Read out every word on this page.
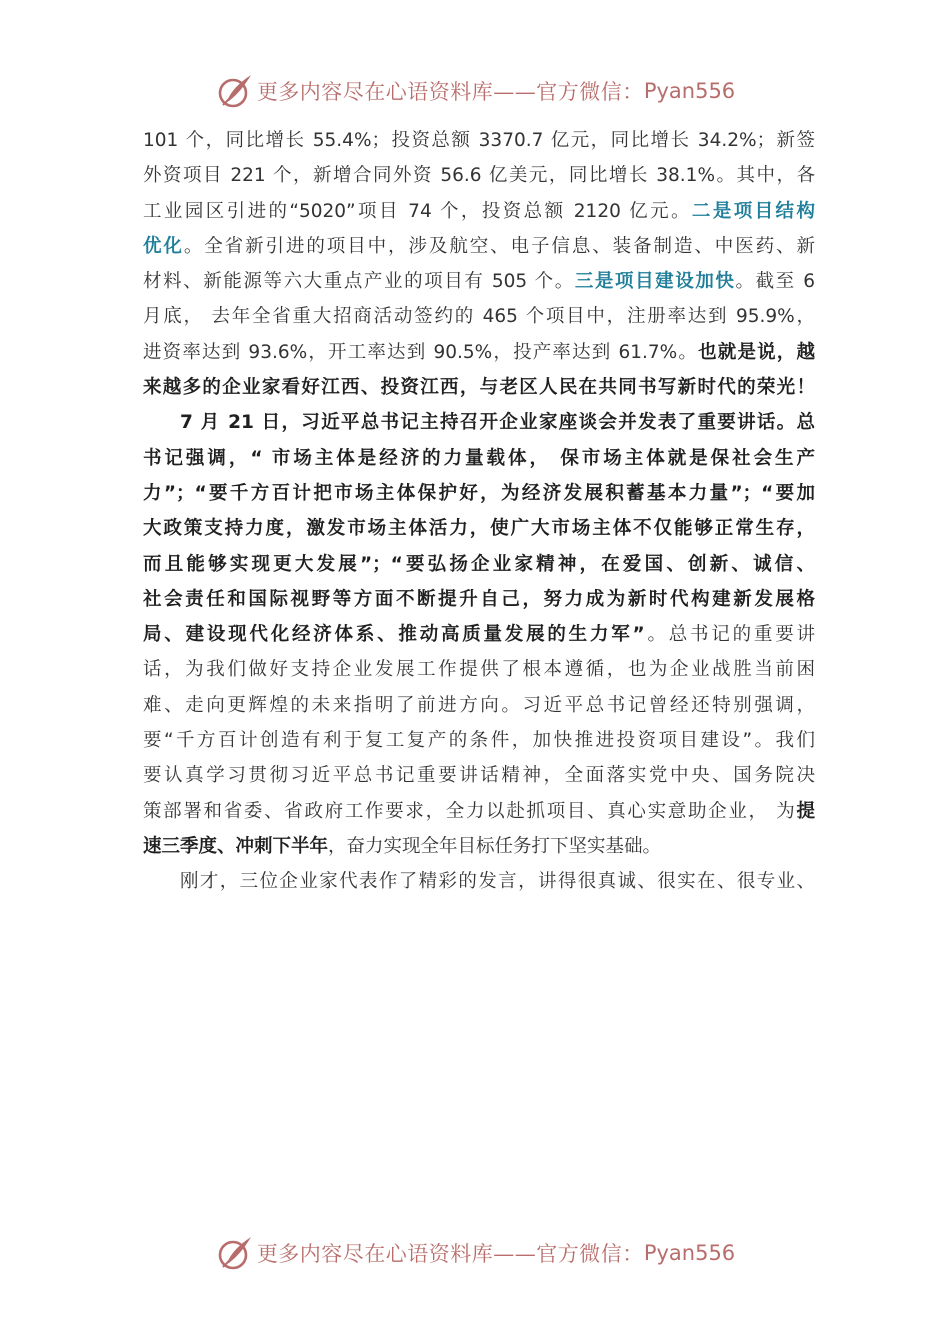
更多内容尽在心语资料库——官方微信： Pyan556
101 个，同比增长 55.4%；投资总额 3370.7 亿元，同比增长 34.2%；新签
外资项目 221 个，新增合同外资 56.6 亿美元，同比增长 38.1%。其中，各
工业园区引进的“5020”项目 74 个，投资总额 2120 亿元。二是项目结构
优化。全省新引进的项目中，涉及航空、电子信息、装备制造、中医药、新
材料、新能源等六大重点产业的项目有 505 个。三是项目建设加快。截至 6
月底， 去年全省重大招商活动签约的 465 个项目中，注册率达到 95.9%，
进资率达到 93.6%，开工率达到 90.5%，投产率达到 61.7%。也就是说，越
来越多的企业家看好江西、投资江西，与老区人民在共同书写新时代的荣光！
7 月 21 日，习近平总书记主持召开企业家座谈会并发表了重要讲话。总
书记强调，“ 市场主体是经济的力量载体， 保市场主体就是保社会生产
力”；“要千方百计把市场主体保护好，为经济发展积蓄基本力量”；“要加
大政策支持力度，激发市场主体活力，使广大市场主体不仅能够正常生存，
而且能够实现更大发展”；“要弘扬企业家精神，在爱国、创新、诚信、
社会责任和国际视野等方面不断提升自己，努力成为新时代构建新发展格
局、建设现代化经济体系、推动高质量发展的生力军”。总书记的重要讲
话，为我们做好支持企业发展工作提供了根本遵循，也为企业战胜当前困
难、走向更辉煌的未来指明了前进方向。习近平总书记曾经还特别强调，
要“千方百计创造有利于复工复产的条件，加快推进投资项目建设”。我们
要认真学习贯彻习近平总书记重要讲话精神，全面落实党中央、国务院决
策部署和省委、省政府工作要求，全力以赴抓项目、真心实意助企业， 为提
速三季度、冲刺下半年，奋力实现全年目标任务打下坚实基础。
刚才，三位企业家代表作了精彩的发言，讲得很真诚、很实在、很专业、
更多内容尽在心语资料库——官方微信： Pyan556
